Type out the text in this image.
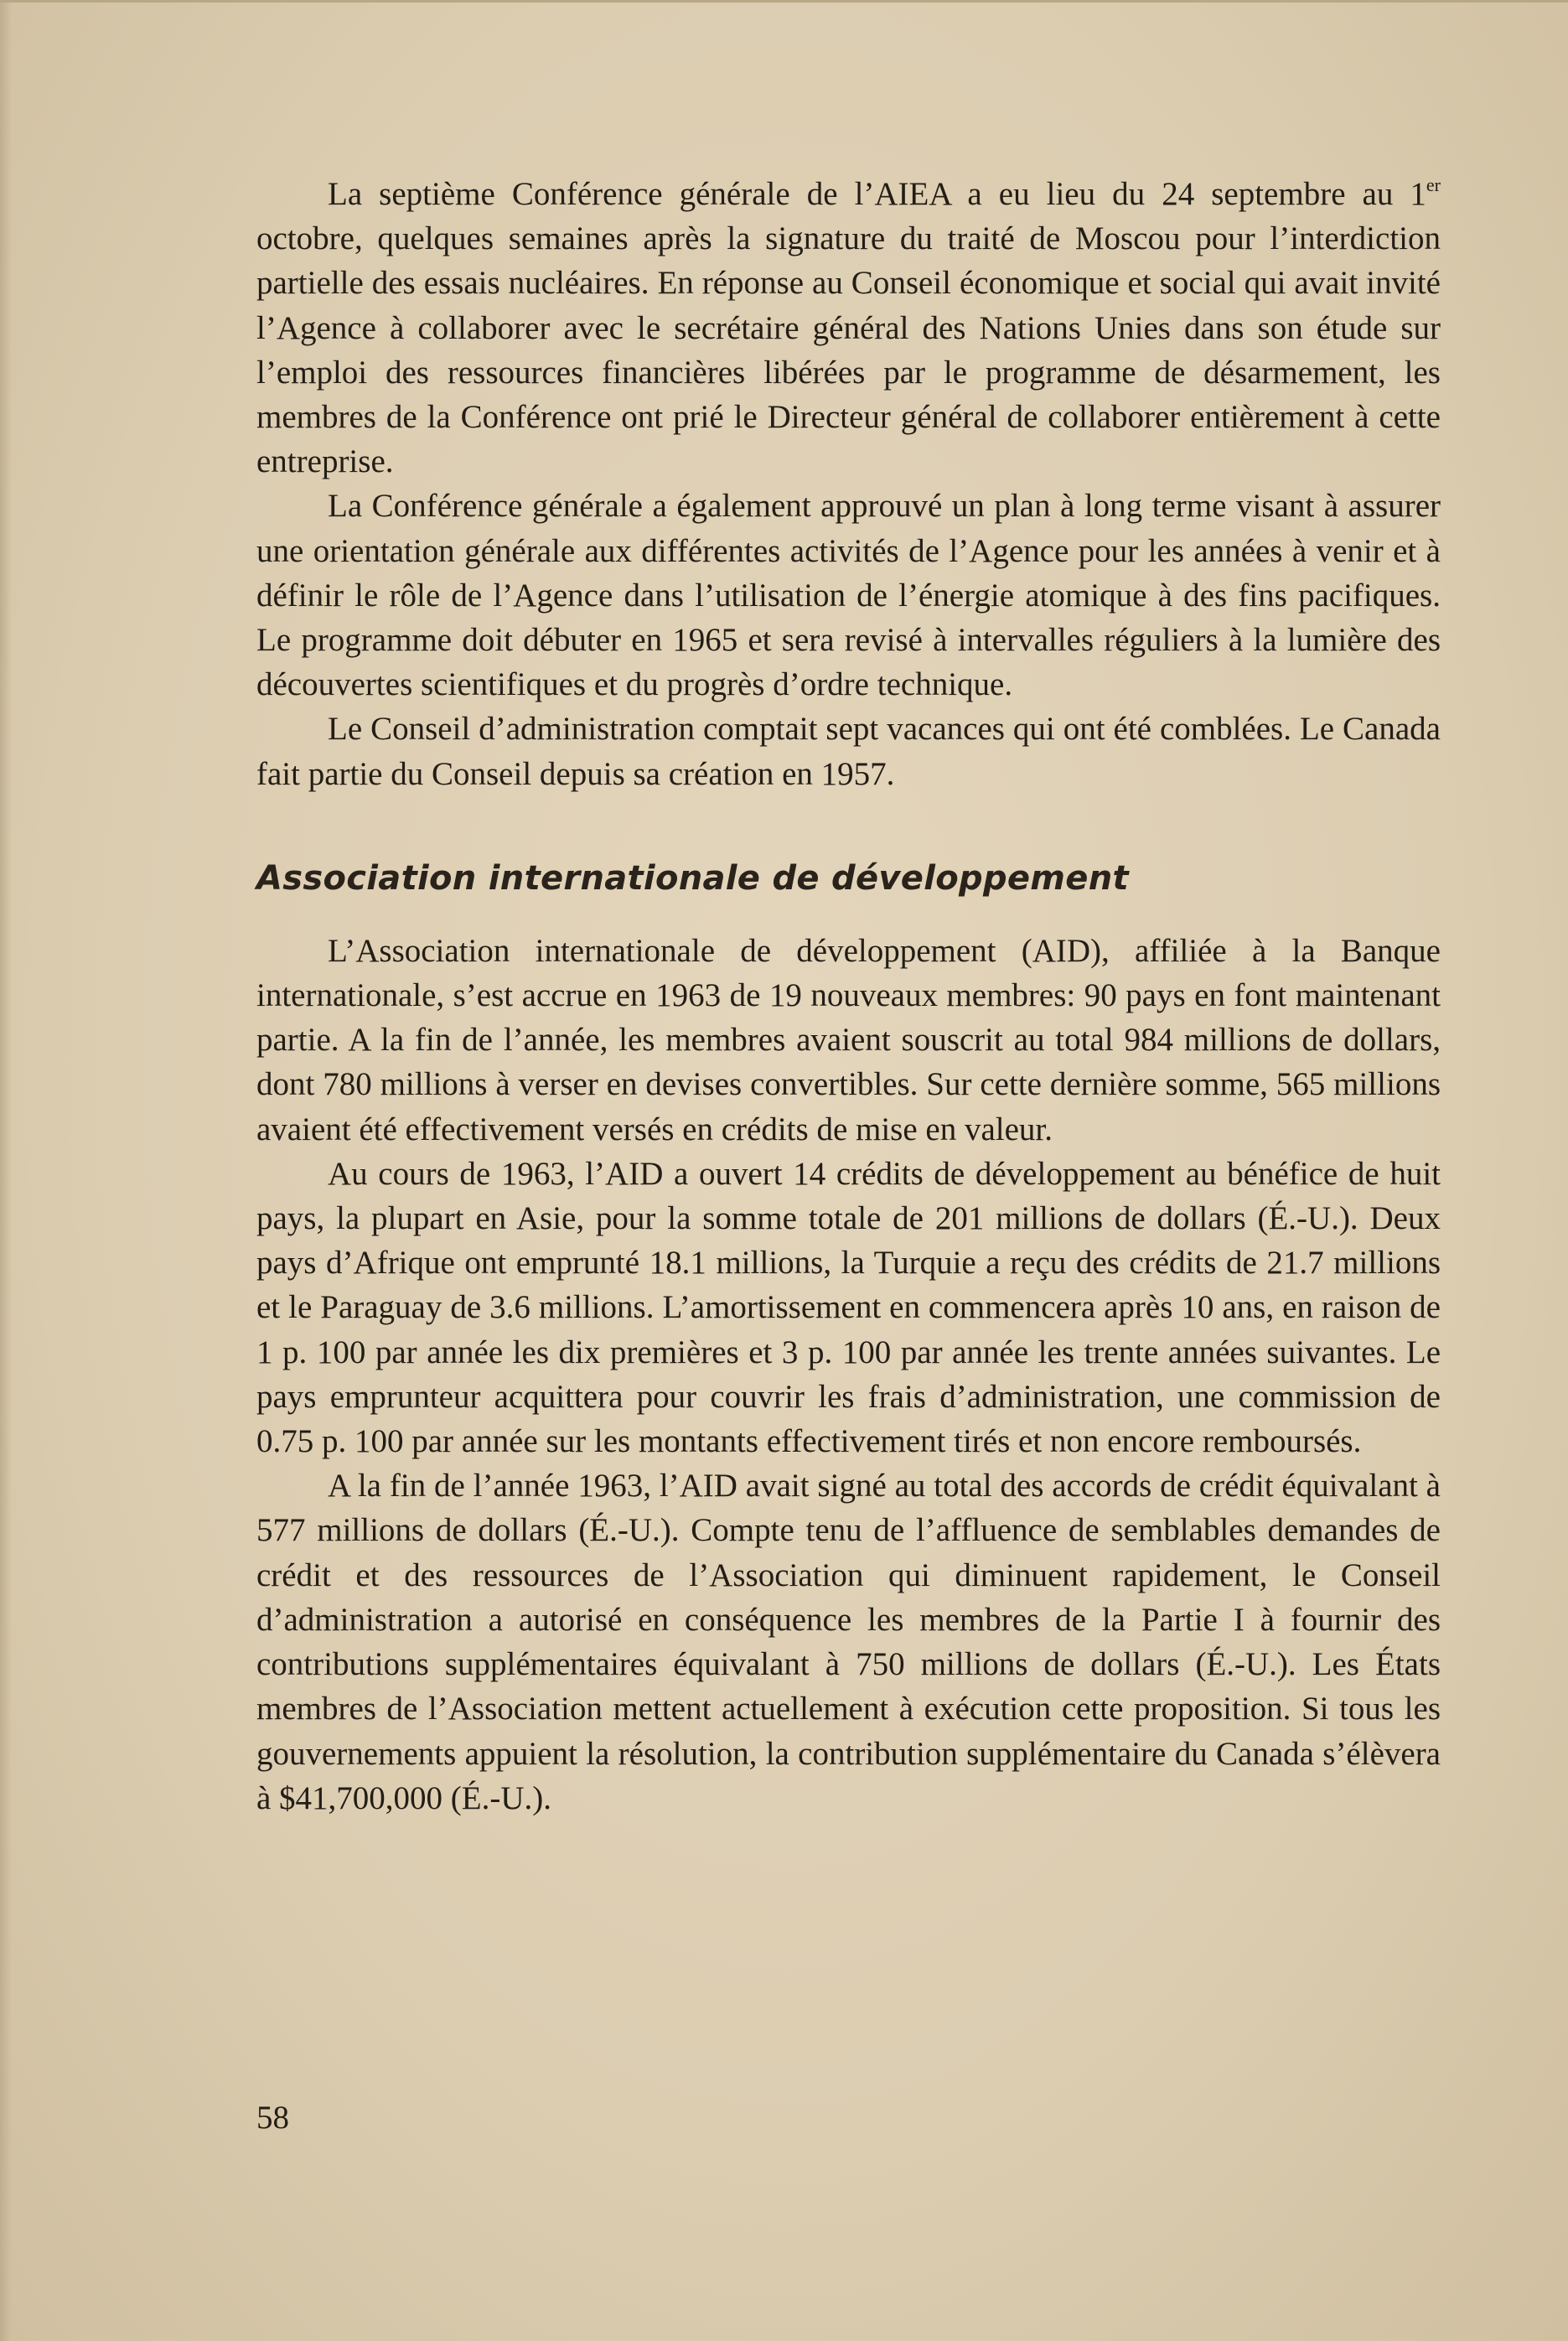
La septième Conférence générale de l’AIEA a eu lieu du 24 septembre au 1er octobre, quelques semaines après la signature du traité de Moscou pour l’interdiction partielle des essais nucléaires. En réponse au Conseil économique et social qui avait invité l’Agence à collaborer avec le secrétaire général des Nations Unies dans son étude sur l’emploi des ressources financières libérées par le programme de désarmement, les membres de la Conférence ont prié le Directeur général de collaborer entièrement à cette entreprise.

La Conférence générale a également approuvé un plan à long terme visant à assurer une orientation générale aux différentes activités de l’Agence pour les années à venir et à définir le rôle de l’Agence dans l’utilisation de l’énergie atomique à des fins pacifiques. Le programme doit débuter en 1965 et sera revisé à intervalles réguliers à la lumière des découvertes scientifiques et du progrès d’ordre technique.

Le Conseil d’administration comptait sept vacances qui ont été comblées. Le Canada fait partie du Conseil depuis sa création en 1957.

Association internationale de développement

L’Association internationale de développement (AID), affiliée à la Banque internationale, s’est accrue en 1963 de 19 nouveaux membres: 90 pays en font maintenant partie. A la fin de l’année, les membres avaient souscrit au total 984 millions de dollars, dont 780 millions à verser en devises convertibles. Sur cette dernière somme, 565 millions avaient été effectivement versés en crédits de mise en valeur.

Au cours de 1963, l’AID a ouvert 14 crédits de développement au bénéfice de huit pays, la plupart en Asie, pour la somme totale de 201 millions de dollars (É.-U.). Deux pays d’Afrique ont emprunté 18.1 millions, la Turquie a reçu des crédits de 21.7 millions et le Paraguay de 3.6 millions. L’amortissement en commencera après 10 ans, en raison de 1 p. 100 par année les dix premières et 3 p. 100 par année les trente années suivantes. Le pays emprunteur acquittera pour couvrir les frais d’administration, une commission de 0.75 p. 100 par année sur les montants effectivement tirés et non encore remboursés.

A la fin de l’année 1963, l’AID avait signé au total des accords de crédit équivalant à 577 millions de dollars (É.-U.). Compte tenu de l’affluence de semblables demandes de crédit et des ressources de l’Association qui diminuent rapidement, le Conseil d’administration a autorisé en conséquence les membres de la Partie I à fournir des contributions supplémentaires équivalant à 750 millions de dollars (É.-U.). Les États membres de l’Association mettent actuellement à exécution cette proposition. Si tous les gouvernements appuient la résolution, la contribution supplémentaire du Canada s’élèvera à $41,700,000 (É.-U.).

58
